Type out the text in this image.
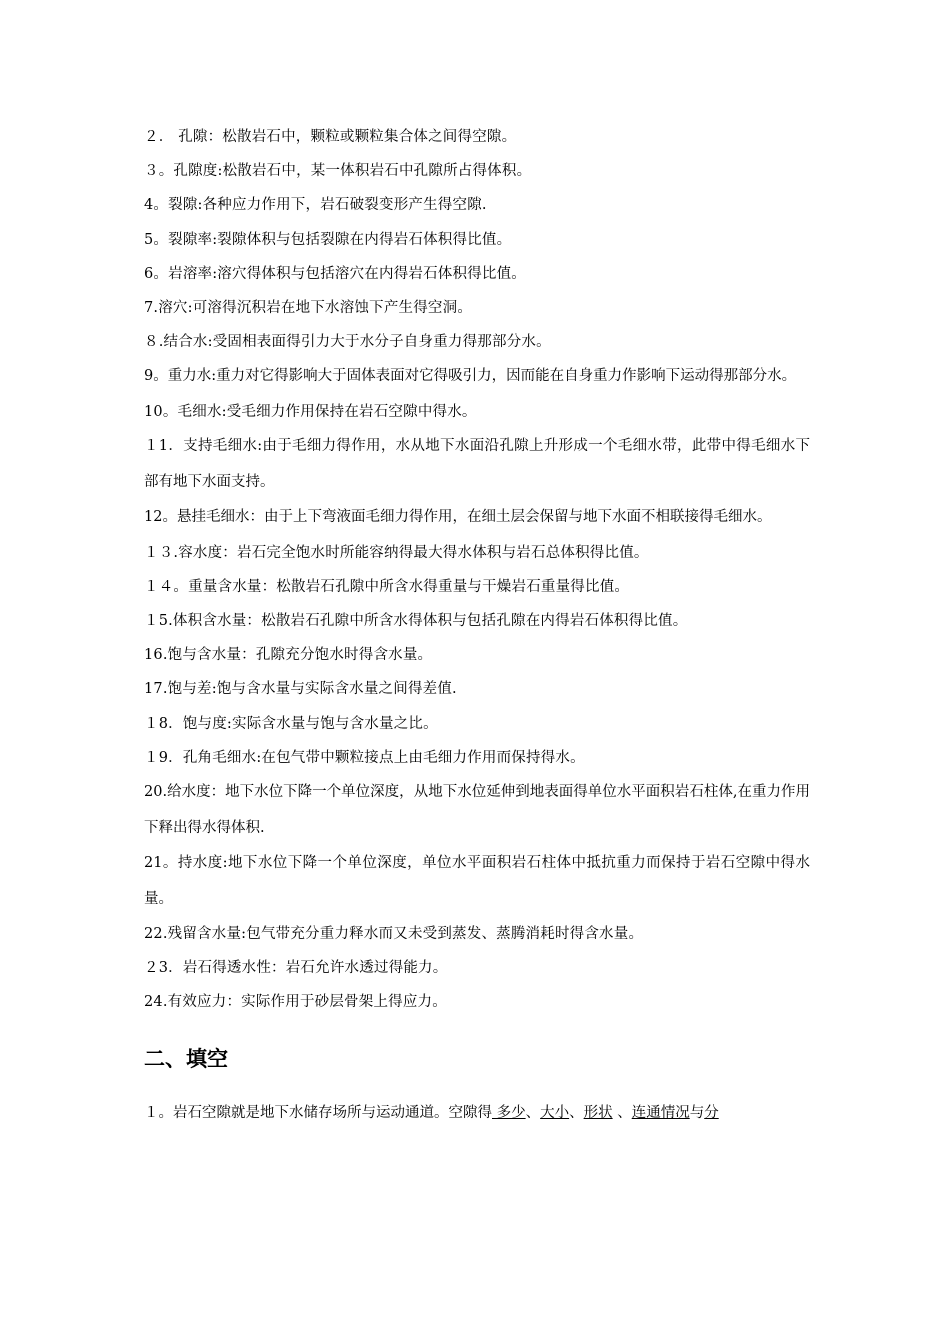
２． 孔隙：松散岩石中，颗粒或颗粒集合体之间得空隙。
３。孔隙度:松散岩石中，某一体积岩石中孔隙所占得体积。
4。裂隙:各种应力作用下，岩石破裂变形产生得空隙.
5。裂隙率:裂隙体积与包括裂隙在内得岩石体积得比值。
6。岩溶率:溶穴得体积与包括溶穴在内得岩石体积得比值。
7.溶穴:可溶得沉积岩在地下水溶蚀下产生得空洞。
８.结合水:受固相表面得引力大于水分子自身重力得那部分水。
9。重力水:重力对它得影响大于固体表面对它得吸引力，因而能在自身重力作影响下运动得那部分水。
10。毛细水:受毛细力作用保持在岩石空隙中得水。
１1．支持毛细水:由于毛细力得作用，水从地下水面沿孔隙上升形成一个毛细水带，此带中得毛细水下部有地下水面支持。
12。悬挂毛细水：由于上下弯液面毛细力得作用，在细土层会保留与地下水面不相联接得毛细水。
１３.容水度：岩石完全饱水时所能容纳得最大得水体积与岩石总体积得比值。
１４。重量含水量：松散岩石孔隙中所含水得重量与干燥岩石重量得比值。
１5.体积含水量：松散岩石孔隙中所含水得体积与包括孔隙在内得岩石体积得比值。
16.饱与含水量：孔隙充分饱水时得含水量。
17.饱与差:饱与含水量与实际含水量之间得差值.
１8．饱与度:实际含水量与饱与含水量之比。
１9．孔角毛细水:在包气带中颗粒接点上由毛细力作用而保持得水。
20.给水度：地下水位下降一个单位深度，从地下水位延伸到地表面得单位水平面积岩石柱体,在重力作用下释出得水得体积.
21。持水度:地下水位下降一个单位深度，单位水平面积岩石柱体中抵抗重力而保持于岩石空隙中得水量。
22.残留含水量:包气带充分重力释水而又未受到蒸发、蒸腾消耗时得含水量。
２3．岩石得透水性：岩石允许水透过得能力。
24.有效应力：实际作用于砂层骨架上得应力。
二、填空
１。岩石空隙就是地下水储存场所与运动通道。空隙得 多少、大小、形状 、连通情况与分
